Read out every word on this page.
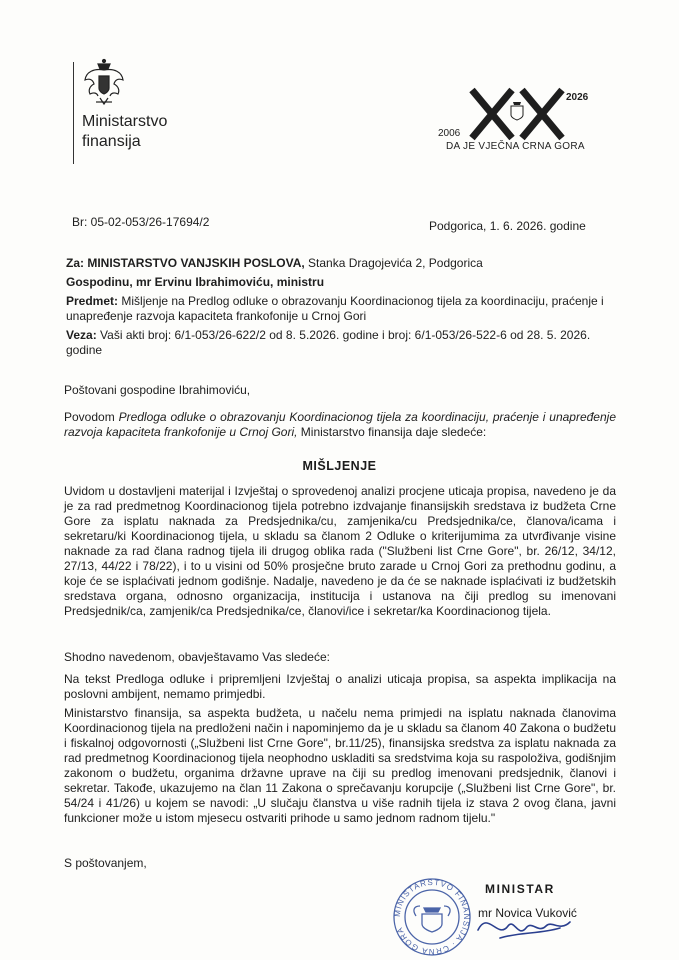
Ministarstvo
finansija	2006
2026
DA JE VJEČNA CRNA GORA
Br: 05-02-053/26-17694/2	Podgorica, 1. 6. 2026. godine

Za: MINISTARSTVO VANJSKIH POSLOVA, Stanka Dragojevića 2, Podgorica

Gospodinu, mr Ervinu Ibrahimoviću, ministru

Predmet: Mišljenje na Predlog odluke o obrazovanju Koordinacionog tijela za koordinaciju, praćenje i unapređenje razvoja kapaciteta frankofonije u Crnoj Gori

Veza: Vaši akti broj: 6/1-053/26-622/2 od 8. 5.2026. godine i broj: 6/1-053/26-522-6 od 28. 5. 2026. godine

Poštovani gospodine Ibrahimoviću,
Povodom Predloga odluke o obrazovanju Koordinacionog tijela za koordinaciju, praćenje i unapređenje razvoja kapaciteta frankofonije u Crnoj Gori, Ministarstvo finansija daje sledeće:
MIŠLJENJE
Uvidom u dostavljeni materijal i Izvještaj o sprovedenoj analizi procjene uticaja propisa, navedeno je da je za rad predmetnog Koordinacionog tijela potrebno izdvajanje finansijskih sredstava iz budžeta Crne Gore za isplatu naknada za Predsjednika/cu, zamjenika/cu Predsjednika/ce, članova/icama i sekretaru/ki Koordinacionog tijela, u skladu sa članom 2 Odluke o kriterijumima za utvrđivanje visine naknade za rad člana radnog tijela ili drugog oblika rada ("Službeni list Crne Gore", br. 26/12, 34/12, 27/13, 44/22 i 78/22), i to u visini od 50% prosječne bruto zarade u Crnoj Gori za prethodnu godinu, a koje će se isplaćivati jednom godišnje. Nadalje, navedeno je da će se naknade isplaćivati iz budžetskih sredstava organa, odnosno organizacija, institucija i ustanova na čiji predlog su imenovani Predsjednik/ca, zamjenik/ca Predsjednika/ce, članovi/ice i sekretar/ka Koordinacionog tijela.
Shodno navedenom, obavještavamo Vas sledeće:
Na tekst Predloga odluke i pripremljeni Izvještaj o analizi uticaja propisa, sa aspekta implikacija na poslovni ambijent, nemamo primjedbi.
Ministarstvo finansija, sa aspekta budžeta, u načelu nema primjedi na isplatu naknada članovima Koordinacionog tijela na predloženi način i napominjemo da je u skladu sa članom 40 Zakona o budžetu i fiskalnoj odgovornosti („Službeni list Crne Gore", br.11/25), finansijska sredstva za isplatu naknada za rad predmetnog Koordinacionog tijela neophodno uskladiti sa sredstvima koja su raspoloživa, godišnjim zakonom o budžetu, organima državne uprave na čiji su predlog imenovani predsjednik, članovi i sekretar. Takođe, ukazujemo na član 11 Zakona o sprečavanju korupcije („Službeni list Crne Gore", br. 54/24 i 41/26) u kojem se navodi: „U slučaju članstva u više radnih tijela iz stava 2 ovog člana, javni funkcioner može u istom mjesecu ostvariti prihode u samo jednom radnom tijelu."
S poštovanjem,
MINISTARSTVO FINANSIJA · CRNA GORA
MINISTAR
mr Novica Vuković
